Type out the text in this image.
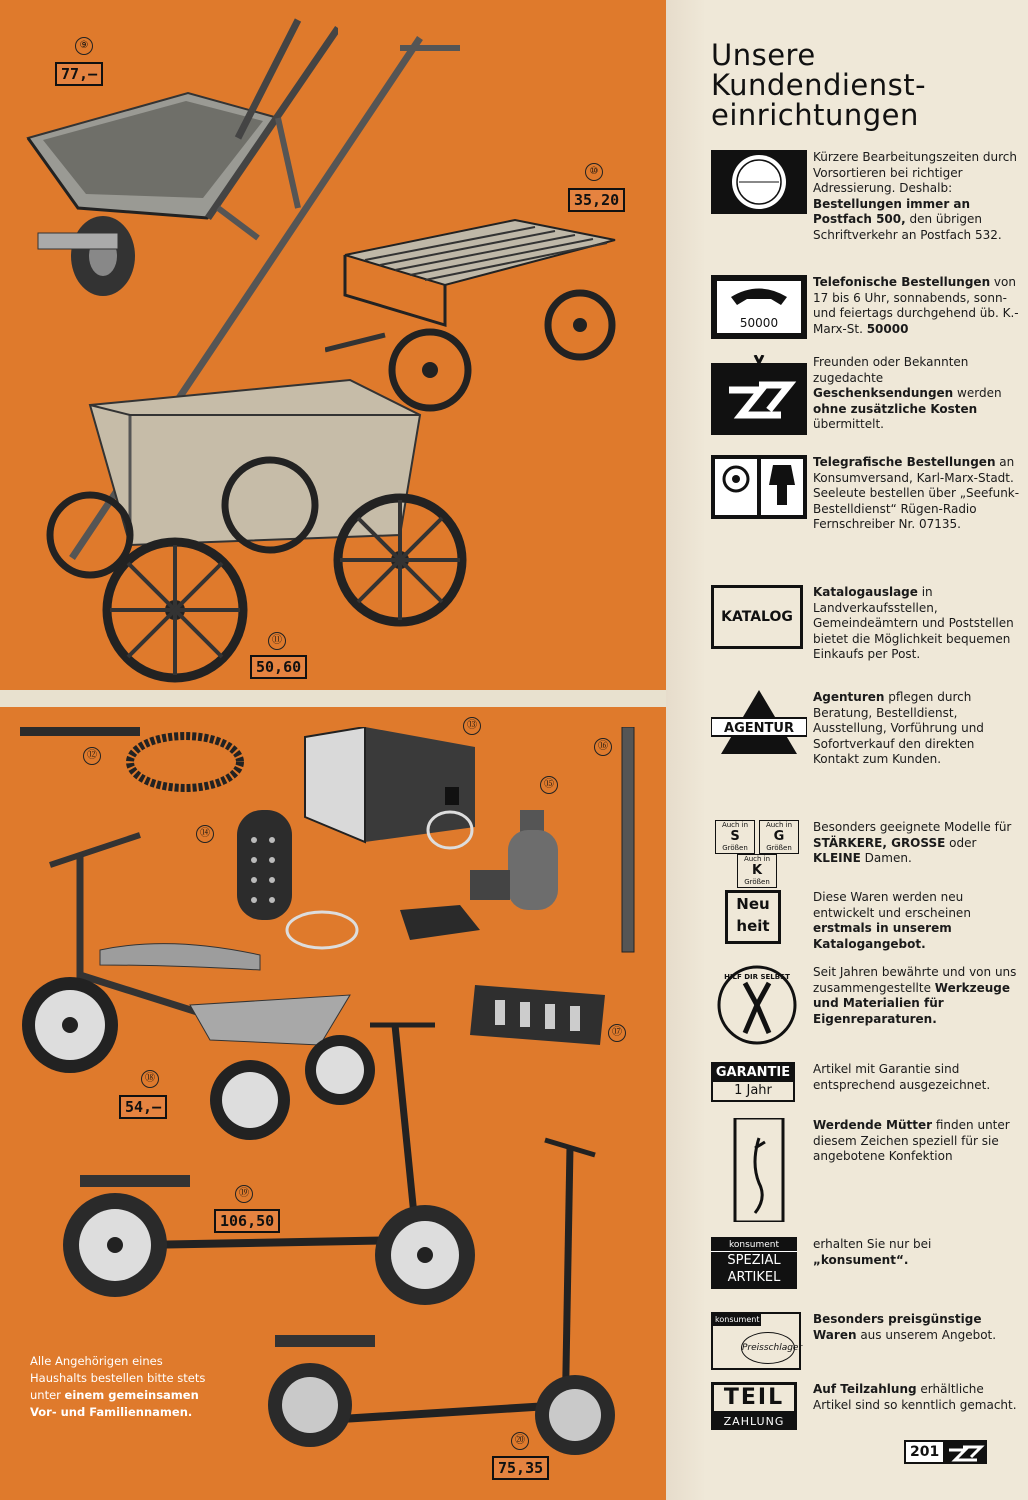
⑨
77,–
⑩
35,20
⑪
50,60
⑫
⑬
⑭
⑮
⑯
⑰
⑱
54,–
⑲
106,50
⑳
75,35
Alle Angehörigen eines
Haushalts bestellen bitte stets
unter einem gemeinsamen
Vor- und Familiennamen.
Unsere
Kundendienst-
einrichtungen
Kürzere Bearbeitungszeiten durch Vorsortieren bei richtiger Adressierung. Deshalb: Bestellungen immer an Postfach 500, den übrigen Schriftverkehr an Postfach 532.
50000
Telefonische Bestellungen von 17 bis 6 Uhr, sonnabends, sonn- und feiertags durchgehend üb. K.-Marx-St. 50000
Freunden oder Bekannten zugedachte Geschenksendungen werden ohne zusätzliche Kosten übermittelt.
Telegrafische Bestellungen an Konsumversand, Karl-Marx-Stadt. Seeleute bestellen über „Seefunk-Bestelldienst“ Rügen-Radio Fernschreiber Nr. 07135.
KATALOG
Katalogauslage in Landverkaufsstellen, Gemeindeämtern und Poststellen bietet die Möglichkeit bequemen Einkaufs per Post.
AGENTUR
Agenturen pflegen durch Beratung, Bestelldienst, Ausstellung, Vorführung und Sofortverkauf den direkten Kontakt zum Kunden.
Auch in
S
Größen
Auch in
G
Größen
Auch in
K
Größen
Besonders geeignete Modelle für STÄRKERE, GROSSE oder KLEINE Damen.
Neu
heit
Diese Waren werden neu entwickelt und erscheinen erstmals in unserem Katalogangebot.
HILF DIR SELBST Seit Jahren bewährte und von uns zusammengestellte Werkzeuge und Materialien für Eigenreparaturen.
GARANTIE
1 Jahr
Artikel mit Garantie sind entsprechend ausgezeichnet.
Werdende Mütter finden unter diesem Zeichen speziell für sie angebotene Konfektion
konsument
SPEZIAL
ARTIKEL
erhalten Sie nur bei „konsument“.
konsument
Preisschlager
Besonders preisgünstige Waren aus unserem Angebot.
TEIL
ZAHLUNG
Auf Teilzahlung erhältliche Artikel sind so kenntlich gemacht.
201
